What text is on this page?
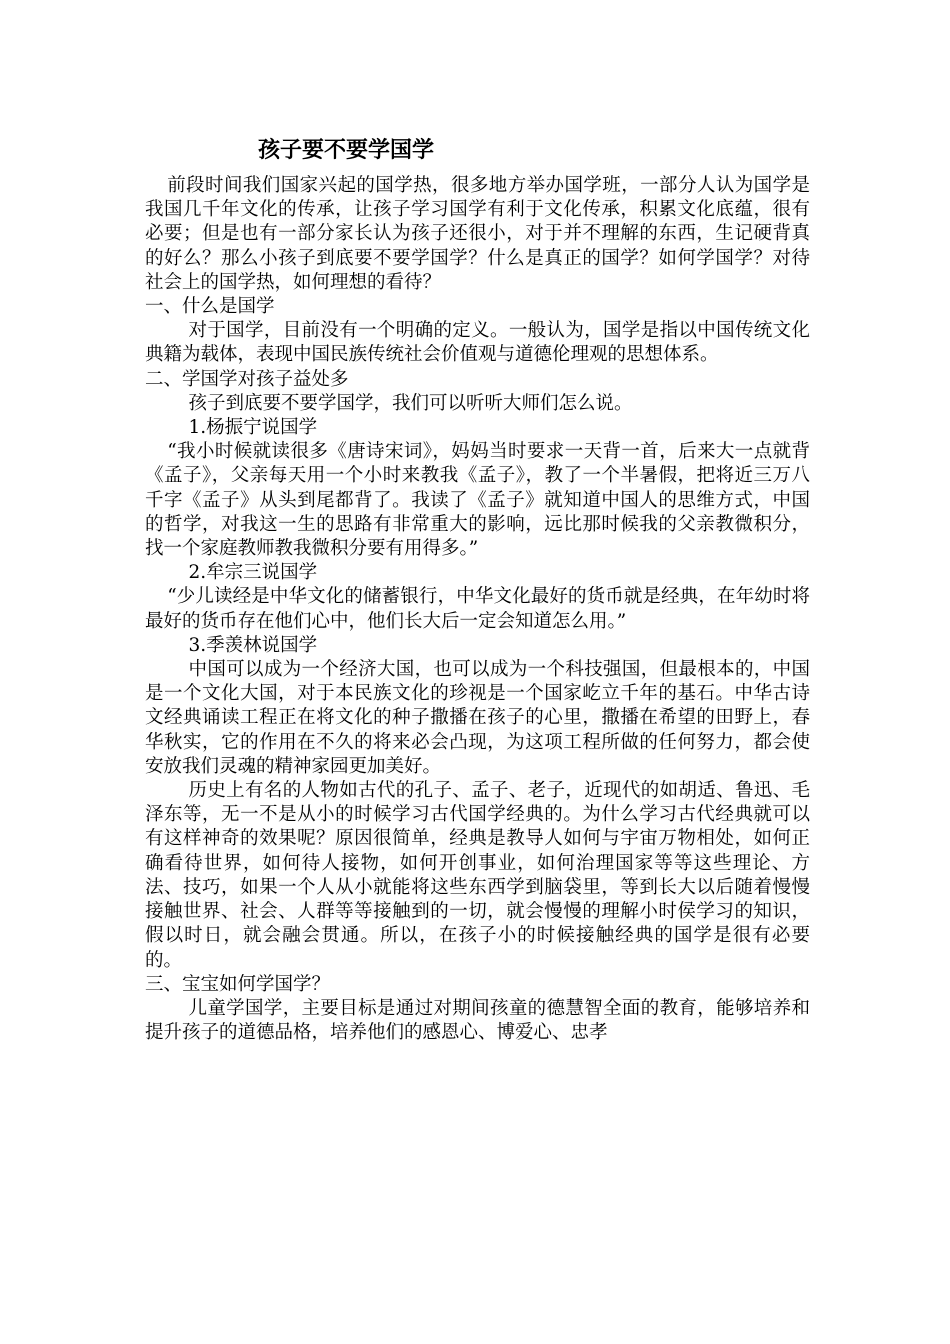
孩子要不要学国学

前段时间我们国家兴起的国学热，很多地方举办国学班，一部分人认为国学是我国几千年文化的传承，让孩子学习国学有利于文化传承，积累文化底蕴，很有必要；但是也有一部分家长认为孩子还很小，对于并不理解的东西，生记硬背真的好么？那么小孩子到底要不要学国学？什么是真正的国学？如何学国学？对待社会上的国学热，如何理想的看待？

一、什么是国学

对于国学，目前没有一个明确的定义。一般认为，国学是指以中国传统文化典籍为载体，表现中国民族传统社会价值观与道德伦理观的思想体系。

二、学国学对孩子益处多

孩子到底要不要学国学，我们可以听听大师们怎么说。

1.杨振宁说国学

“我小时候就读很多《唐诗宋词》，妈妈当时要求一天背一首，后来大一点就背《孟子》，父亲每天用一个小时来教我《孟子》，教了一个半暑假，把将近三万八千字《孟子》从头到尾都背了。我读了《孟子》就知道中国人的思维方式，中国的哲学，对我这一生的思路有非常重大的影响，远比那时候我的父亲教微积分，找一个家庭教师教我微积分要有用得多。”

2.牟宗三说国学

“少儿读经是中华文化的储蓄银行，中华文化最好的货币就是经典，在年幼时将最好的货币存在他们心中，他们长大后一定会知道怎么用。”

3.季羡林说国学

中国可以成为一个经济大国，也可以成为一个科技强国，但最根本的，中国是一个文化大国，对于本民族文化的珍视是一个国家屹立千年的基石。中华古诗文经典诵读工程正在将文化的种子撒播在孩子的心里，撒播在希望的田野上，春华秋实，它的作用在不久的将来必会凸现，为这项工程所做的任何努力，都会使安放我们灵魂的精神家园更加美好。

历史上有名的人物如古代的孔子、孟子、老子，近现代的如胡适、鲁迅、毛泽东等，无一不是从小的时候学习古代国学经典的。为什么学习古代经典就可以有这样神奇的效果呢？原因很简单，经典是教导人如何与宇宙万物相处，如何正确看待世界，如何待人接物，如何开创事业，如何治理国家等等这些理论、方法、技巧，如果一个人从小就能将这些东西学到脑袋里，等到长大以后随着慢慢接触世界、社会、人群等等接触到的一切，就会慢慢的理解小时侯学习的知识，假以时日，就会融会贯通。所以，在孩子小的时候接触经典的国学是很有必要的。

三、宝宝如何学国学？

儿童学国学，主要目标是通过对期间孩童的德慧智全面的教育，能够培养和提升孩子的道德品格，培养他们的感恩心、博爱心、忠孝
